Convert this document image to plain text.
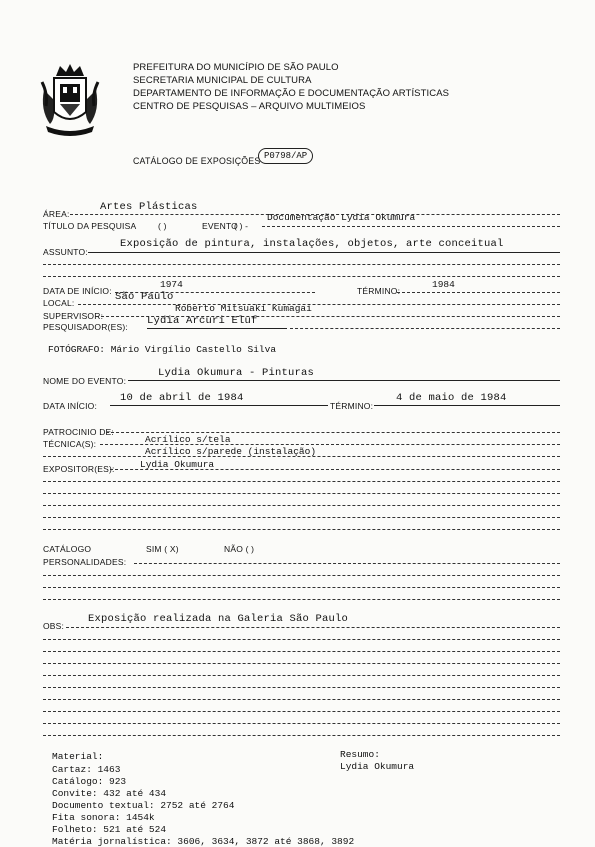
PREFEITURA DO MUNICÍPIO DE SÃO PAULO
SECRETARIA MUNICIPAL DE CULTURA
DEPARTAMENTO DE INFORMAÇÃO E DOCUMENTAÇÃO ARTÍSTICAS
CENTRO DE PESQUISAS – ARQUIVO MULTIMEIOS
CATÁLOGO DE EXPOSIÇÕES P0798/AP
ÁREA:
Artes Plásticas
TÍTULO DA PESQUISA	( )	EVENTO
( ) -
Documentação Lydia Okumura
ASSUNTO:
Exposição de pintura, instalações, objetos, arte conceitual
DATA DE INÍCIO:
1974
TÉRMINO:
1984
LOCAL:	São Paulo
SUPERVISOR:
Roberto Mitsuaki Kumagai
PESQUISADOR(ES): Lydia Arcuri Eluf
FOTÓGRAFO: Mário Virgílio Castello Silva
NOME DO EVENTO:
Lydia Okumura - Pinturas
DATA INÍCIO:
10 de abril de 1984
TÉRMINO:
4 de maio de 1984
PATROCINIO DE:
TÉCNICA(S):	Acrílico s/tela
Acrílico s/parede (instalação)
EXPOSITOR(ES):	Lydia Okumura
CATÁLOGO	SIM ( X)	NÃO ( )
PERSONALIDADES:
OBS:
Exposição realizada na Galeria São Paulo
Material:
Cartaz: 1463
Catálogo: 923
Convite: 432 até 434
Documento textual: 2752 até 2764
Fita sonora: 1454k
Folheto: 521 até 524
Matéria jornalística: 3606, 3634, 3872 até 3868, 3892
Resumo:
Lydia Okumura
